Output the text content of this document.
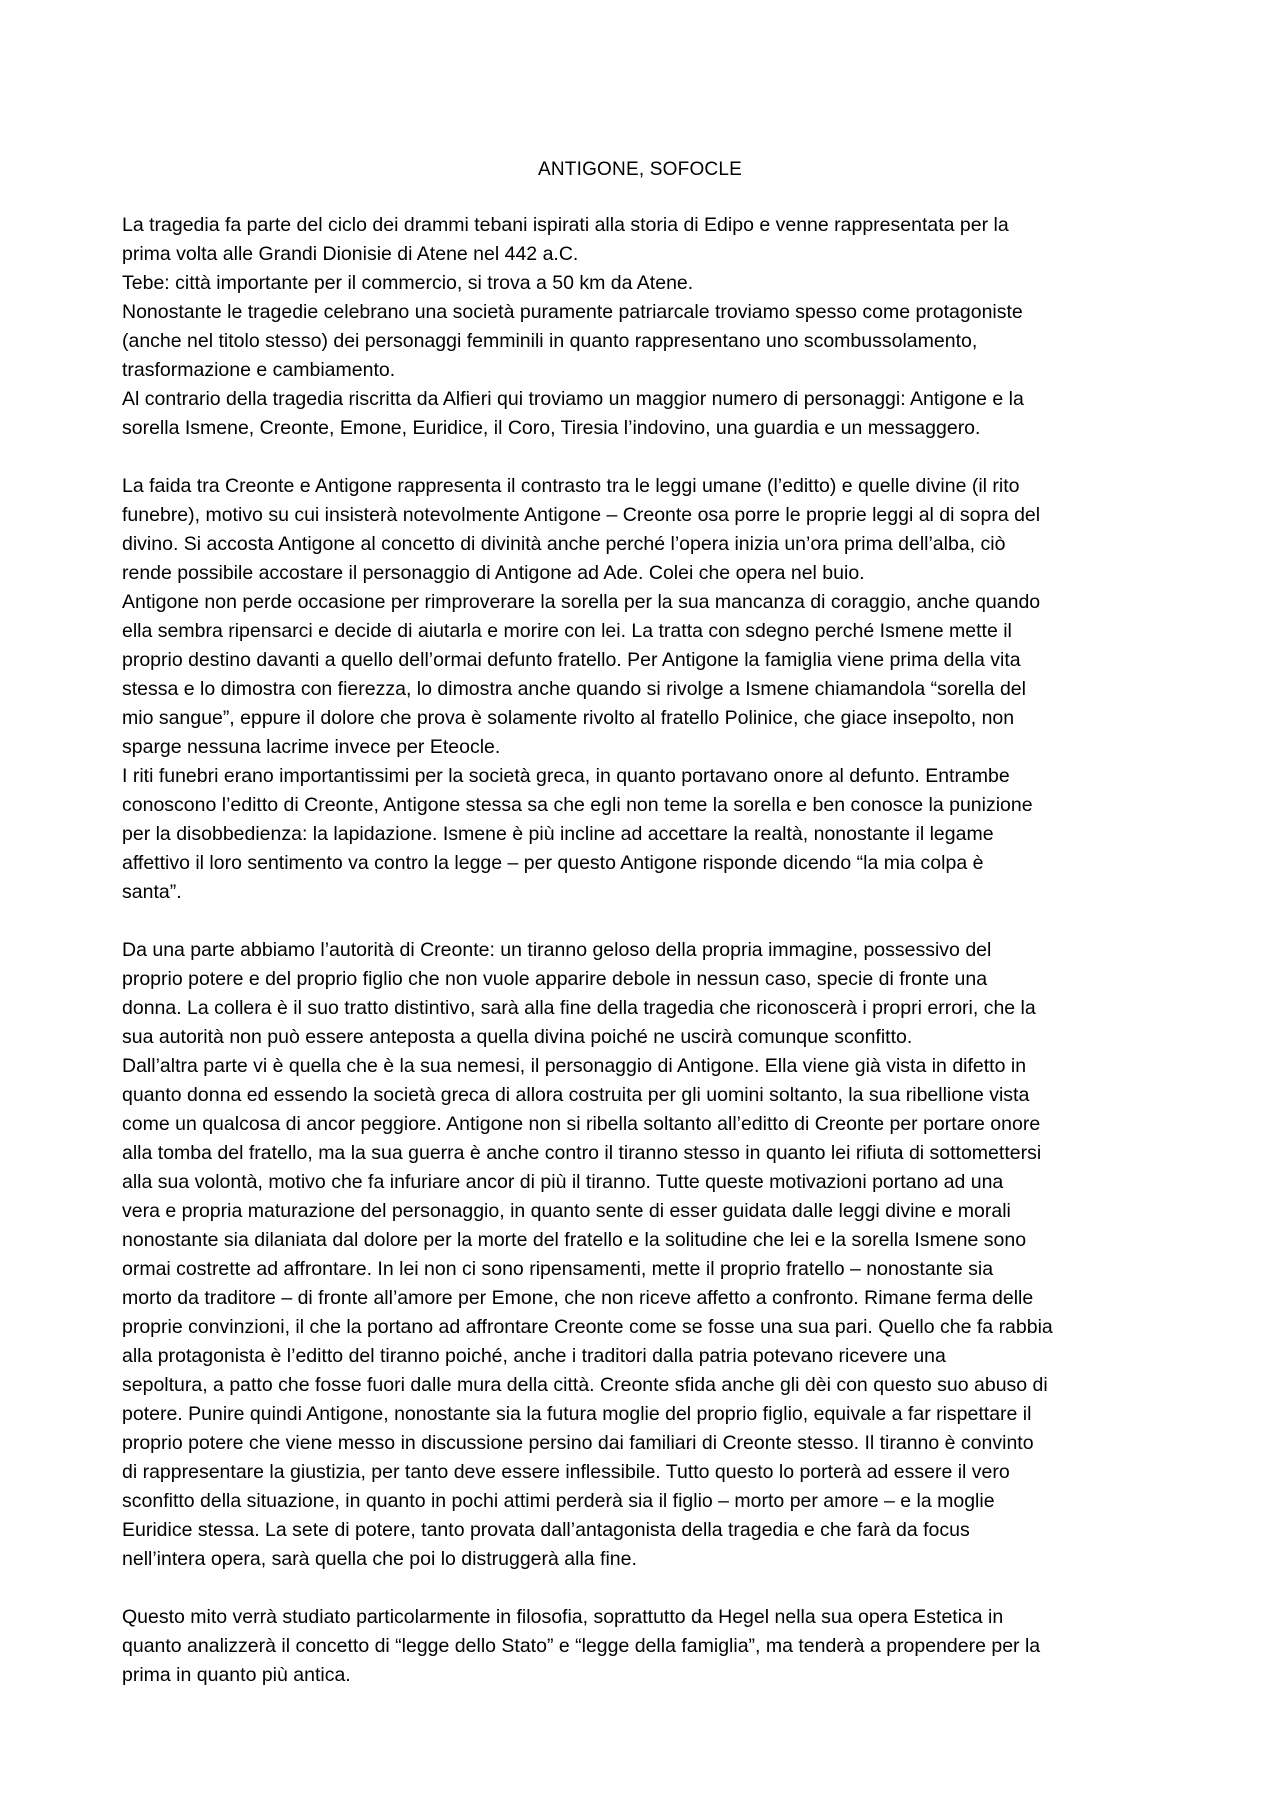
ANTIGONE, SOFOCLE

La tragedia fa parte del ciclo dei drammi tebani ispirati alla storia di Edipo e venne rappresentata per la
prima volta alle Grandi Dionisie di Atene nel 442 a.C.
Tebe: città importante per il commercio, si trova a 50 km da Atene.
Nonostante le tragedie celebrano una società puramente patriarcale troviamo spesso come protagoniste
(anche nel titolo stesso) dei personaggi femminili in quanto rappresentano uno scombussolamento,
trasformazione e cambiamento.
Al contrario della tragedia riscritta da Alfieri qui troviamo un maggior numero di personaggi: Antigone e la
sorella Ismene, Creonte, Emone, Euridice, il Coro, Tiresia l’indovino, una guardia e un messaggero.

La faida tra Creonte e Antigone rappresenta il contrasto tra le leggi umane (l’editto) e quelle divine (il rito
funebre), motivo su cui insisterà notevolmente Antigone – Creonte osa porre le proprie leggi al di sopra del
divino. Si accosta Antigone al concetto di divinità anche perché l’opera inizia un’ora prima dell’alba, ciò
rende possibile accostare il personaggio di Antigone ad Ade. Colei che opera nel buio.
Antigone non perde occasione per rimproverare la sorella per la sua mancanza di coraggio, anche quando
ella sembra ripensarci e decide di aiutarla e morire con lei. La tratta con sdegno perché Ismene mette il
proprio destino davanti a quello dell’ormai defunto fratello. Per Antigone la famiglia viene prima della vita
stessa e lo dimostra con fierezza, lo dimostra anche quando si rivolge a Ismene chiamandola “sorella del
mio sangue”, eppure il dolore che prova è solamente rivolto al fratello Polinice, che giace insepolto, non
sparge nessuna lacrime invece per Eteocle.
I riti funebri erano importantissimi per la società greca, in quanto portavano onore al defunto. Entrambe
conoscono l’editto di Creonte, Antigone stessa sa che egli non teme la sorella e ben conosce la punizione
per la disobbedienza: la lapidazione. Ismene è più incline ad accettare la realtà, nonostante il legame
affettivo il loro sentimento va contro la legge – per questo Antigone risponde dicendo “la mia colpa è
santa”.

Da una parte abbiamo l’autorità di Creonte: un tiranno geloso della propria immagine, possessivo del
proprio potere e del proprio figlio che non vuole apparire debole in nessun caso, specie di fronte una
donna. La collera è il suo tratto distintivo, sarà alla fine della tragedia che riconoscerà i propri errori, che la
sua autorità non può essere anteposta a quella divina poiché ne uscirà comunque sconfitto.
Dall’altra parte vi è quella che è la sua nemesi, il personaggio di Antigone. Ella viene già vista in difetto in
quanto donna ed essendo la società greca di allora costruita per gli uomini soltanto, la sua ribellione vista
come un qualcosa di ancor peggiore. Antigone non si ribella soltanto all’editto di Creonte per portare onore
alla tomba del fratello, ma la sua guerra è anche contro il tiranno stesso in quanto lei rifiuta di sottomettersi
alla sua volontà, motivo che fa infuriare ancor di più il tiranno. Tutte queste motivazioni portano ad una
vera e propria maturazione del personaggio, in quanto sente di esser guidata dalle leggi divine e morali
nonostante sia dilaniata dal dolore per la morte del fratello e la solitudine che lei e la sorella Ismene sono
ormai costrette ad affrontare. In lei non ci sono ripensamenti, mette il proprio fratello – nonostante sia
morto da traditore – di fronte all’amore per Emone, che non riceve affetto a confronto. Rimane ferma delle
proprie convinzioni, il che la portano ad affrontare Creonte come se fosse una sua pari. Quello che fa rabbia
alla protagonista è l’editto del tiranno poiché, anche i traditori dalla patria potevano ricevere una
sepoltura, a patto che fosse fuori dalle mura della città. Creonte sfida anche gli dèi con questo suo abuso di
potere. Punire quindi Antigone, nonostante sia la futura moglie del proprio figlio, equivale a far rispettare il
proprio potere che viene messo in discussione persino dai familiari di Creonte stesso. Il tiranno è convinto
di rappresentare la giustizia, per tanto deve essere inflessibile. Tutto questo lo porterà ad essere il vero
sconfitto della situazione, in quanto in pochi attimi perderà sia il figlio – morto per amore – e la moglie
Euridice stessa. La sete di potere, tanto provata dall’antagonista della tragedia e che farà da focus
nell’intera opera, sarà quella che poi lo distruggerà alla fine.

Questo mito verrà studiato particolarmente in filosofia, soprattutto da Hegel nella sua opera Estetica in
quanto analizzerà il concetto di “legge dello Stato” e “legge della famiglia”, ma tenderà a propendere per la
prima in quanto più antica.
